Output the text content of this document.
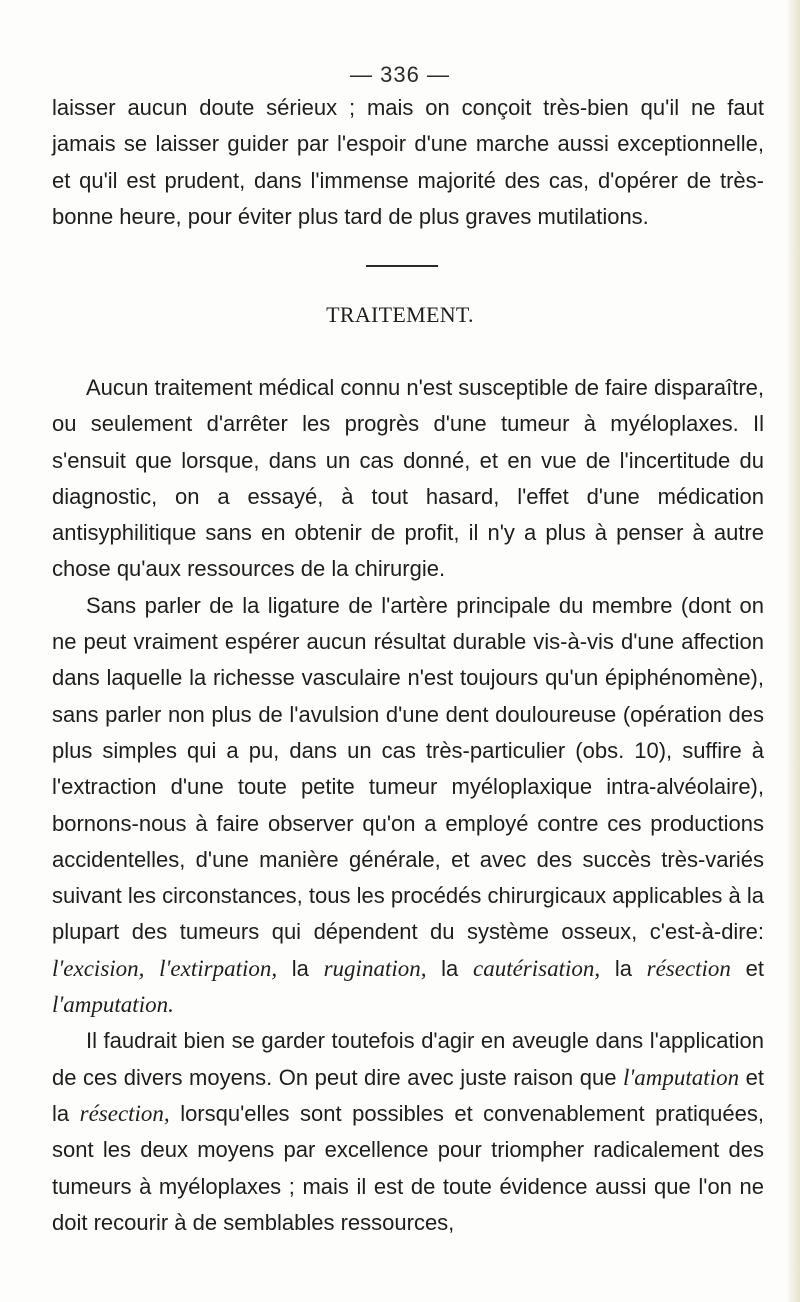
— 336 —

laisser aucun doute sérieux ; mais on conçoit très-bien qu'il ne faut jamais se laisser guider par l'espoir d'une marche aussi exceptionnelle, et qu'il est prudent, dans l'immense majorité des cas, d'opérer de très-bonne heure, pour éviter plus tard de plus graves mutilations.

TRAITEMENT.

Aucun traitement médical connu n'est susceptible de faire disparaître, ou seulement d'arrêter les progrès d'une tumeur à myéloplaxes. Il s'ensuit que lorsque, dans un cas donné, et en vue de l'incertitude du diagnostic, on a essayé, à tout hasard, l'effet d'une médication antisyphilitique sans en obtenir de profit, il n'y a plus à penser à autre chose qu'aux ressources de la chirurgie.

Sans parler de la ligature de l'artère principale du membre (dont on ne peut vraiment espérer aucun résultat durable vis-à-vis d'une affection dans laquelle la richesse vasculaire n'est toujours qu'un épiphénomène), sans parler non plus de l'avulsion d'une dent douloureuse (opération des plus simples qui a pu, dans un cas très-particulier (obs. 10), suffire à l'extraction d'une toute petite tumeur myéloplaxique intra-alvéolaire), bornons-nous à faire observer qu'on a employé contre ces productions accidentelles, d'une manière générale, et avec des succès très-variés suivant les circonstances, tous les procédés chirurgicaux applicables à la plupart des tumeurs qui dépendent du système osseux, c'est-à-dire: l'excision, l'extirpation, la rugination, la cautérisation, la résection et l'amputation.

Il faudrait bien se garder toutefois d'agir en aveugle dans l'application de ces divers moyens. On peut dire avec juste raison que l'amputation et la résection, lorsqu'elles sont possibles et convenablement pratiquées, sont les deux moyens par excellence pour triompher radicalement des tumeurs à myéloplaxes ; mais il est de toute évidence aussi que l'on ne doit recourir à de semblables ressources,
